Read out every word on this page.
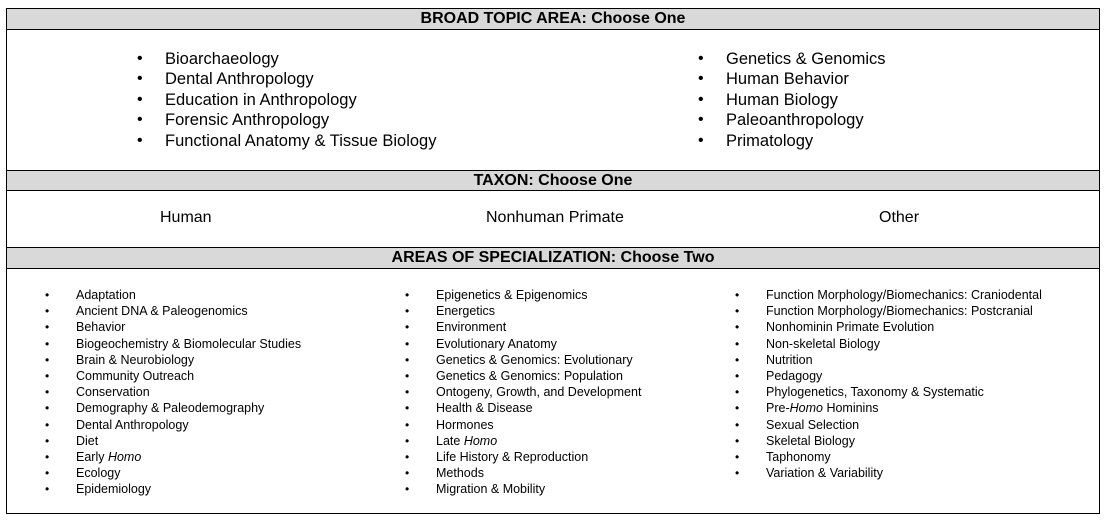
BROAD TOPIC AREA: Choose One
• Bioarchaeology
• Dental Anthropology
• Education in Anthropology
• Forensic Anthropology
• Functional Anatomy & Tissue Biology
• Genetics & Genomics
• Human Behavior
• Human Biology
• Paleoanthropology
• Primatology
TAXON: Choose One
Human	Nonhuman Primate	Other
AREAS OF SPECIALIZATION: Choose Two
• Adaptation
• Ancient DNA & Paleogenomics
• Behavior
• Biogeochemistry & Biomolecular Studies
• Brain & Neurobiology
• Community Outreach
• Conservation
• Demography & Paleodemography
• Dental Anthropology
• Diet
• Early Homo
• Ecology
• Epidemiology
• Epigenetics & Epigenomics
• Energetics
• Environment
• Evolutionary Anatomy
• Genetics & Genomics: Evolutionary
• Genetics & Genomics: Population
• Ontogeny, Growth, and Development
• Health & Disease
• Hormones
• Late Homo
• Life History & Reproduction
• Methods
• Migration & Mobility
• Function Morphology/Biomechanics: Craniodental
• Function Morphology/Biomechanics: Postcranial
• Nonhominin Primate Evolution
• Non-skeletal Biology
• Nutrition
• Pedagogy
• Phylogenetics, Taxonomy & Systematic
• Pre-Homo Hominins
• Sexual Selection
• Skeletal Biology
• Taphonomy
• Variation & Variability
